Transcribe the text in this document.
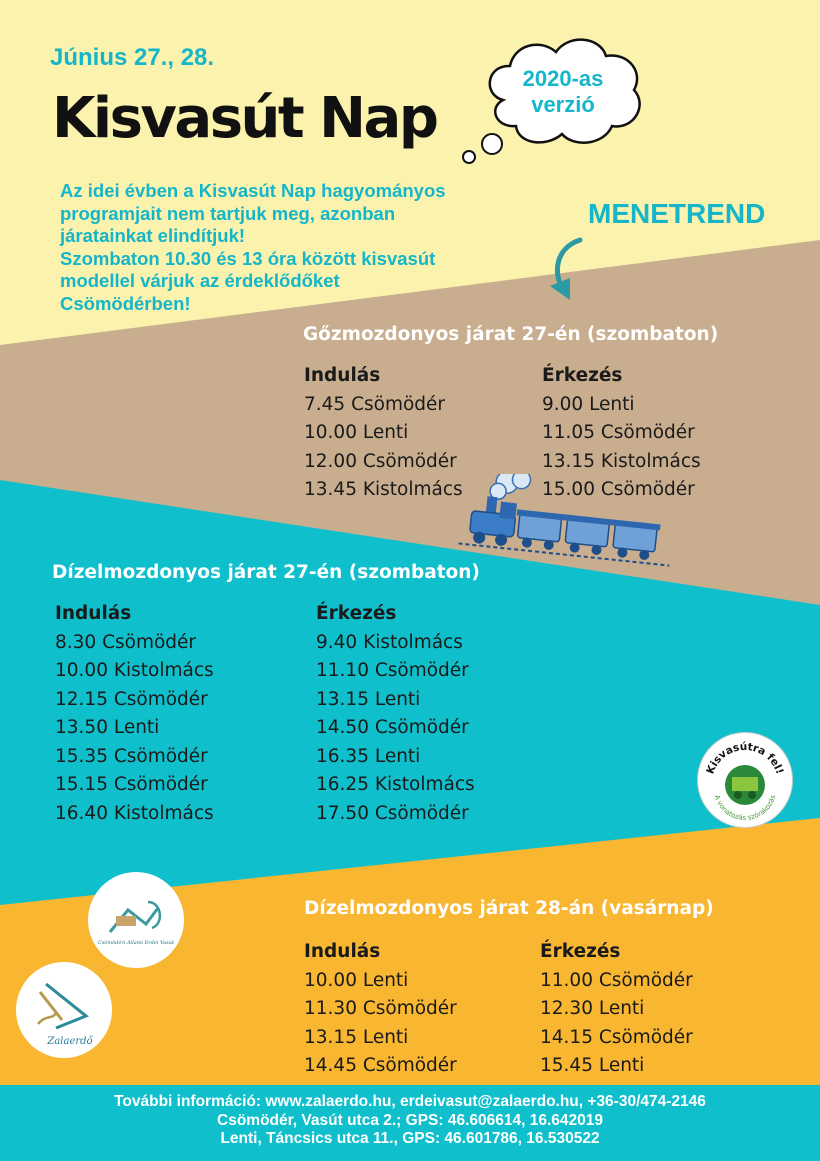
Június 27., 28.
Kisvasút Nap
2020-as
verzió
Az idei évben a Kisvasút Nap hagyományos
programjait nem tartjuk meg, azonban
járatainkat elindítjuk!
Szombaton 10.30 és 13 óra között kisvasút
modellel várjuk az érdeklődőket
Csömödérben!
MENETREND
Gőzmozdonyos járat 27-én (szombaton)
Indulás
7.45 Csömödér
10.00 Lenti
12.00 Csömödér
13.45 Kistolmács
Érkezés
9.00 Lenti
11.05 Csömödér
13.15 Kistolmács
15.00 Csömödér
Dízelmozdonyos járat 27-én (szombaton)
Indulás
8.30 Csömödér
10.00 Kistolmács
12.15 Csömödér
13.50 Lenti
15.35 Csömödér
15.15 Csömödér
16.40 Kistolmács
Érkezés
9.40 Kistolmács
11.10 Csömödér
13.15 Lenti
14.50 Csömödér
16.35 Lenti
16.25 Kistolmács
17.50 Csömödér
Kisvasútra fel!
A vonatozás szórakozás
Csömödéri Állami Erdei Vasút
Zalaerdő
Dízelmozdonyos járat 28-án (vasárnap)
Indulás
10.00 Lenti
11.30 Csömödér
13.15 Lenti
14.45 Csömödér
Érkezés
11.00 Csömödér
12.30 Lenti
14.15 Csömödér
15.45 Lenti
További információ: www.zalaerdo.hu, erdeivasut@zalaerdo.hu, +36-30/474-2146
Csömödér, Vasút utca 2.; GPS: 46.606614, 16.642019
Lenti, Táncsics utca 11., GPS: 46.601786, 16.530522
